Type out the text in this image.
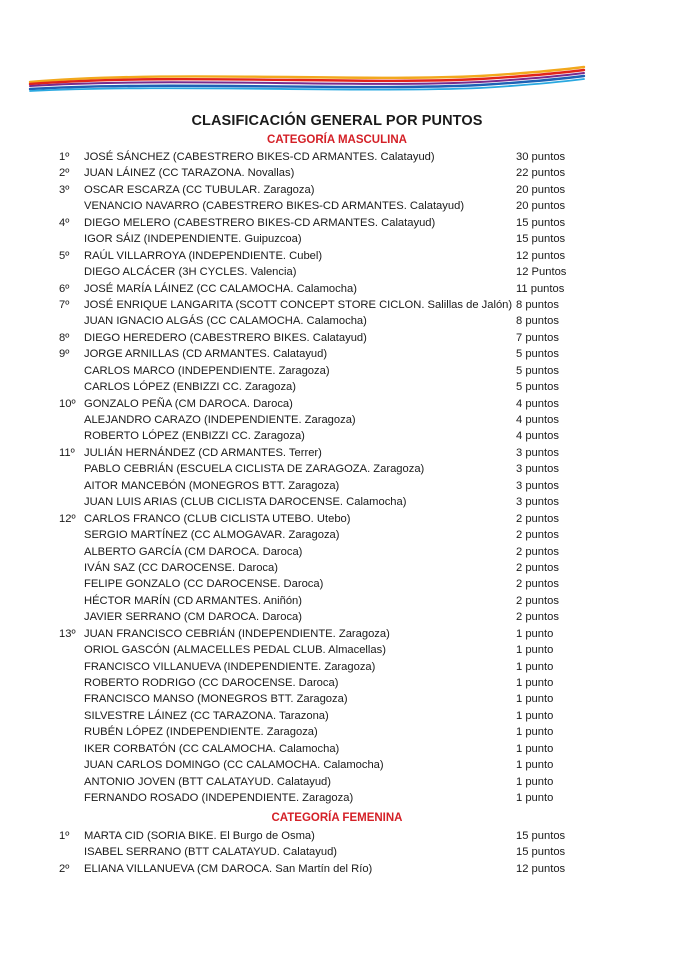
CLASIFICACIÓN GENERAL POR PUNTOS
CATEGORÍA MASCULINA
1º JOSÉ SÁNCHEZ (CABESTRERO BIKES-CD ARMANTES. Calatayud)	30 puntos
2º JUAN LÁINEZ (CC TARAZONA. Novallas)	22 puntos
3º OSCAR ESCARZA (CC TUBULAR. Zaragoza)	20 puntos
VENANCIO NAVARRO (CABESTRERO BIKES-CD ARMANTES. Calatayud)	20 puntos
4º DIEGO MELERO (CABESTRERO BIKES-CD ARMANTES. Calatayud)	15 puntos
IGOR SÁIZ (INDEPENDIENTE. Guipuzcoa)	15 puntos
5º RAÚL VILLARROYA (INDEPENDIENTE. Cubel)	12 puntos
DIEGO ALCÁCER (3H CYCLES. Valencia)	12 Puntos
6º JOSÉ MARÍA LÁINEZ (CC CALAMOCHA. Calamocha)	11 puntos
7º JOSÉ ENRIQUE LANGARITA (SCOTT CONCEPT STORE CICLON. Salillas de Jalón) 8 puntos
JUAN IGNACIO ALGÁS (CC CALAMOCHA. Calamocha)	8 puntos
8º DIEGO HEREDERO (CABESTRERO BIKES. Calatayud)	7 puntos
9º JORGE ARNILLAS (CD ARMANTES. Calatayud)	5 puntos
CARLOS MARCO (INDEPENDIENTE. Zaragoza)	5 puntos
CARLOS LÓPEZ (ENBIZZI CC. Zaragoza)	5 puntos
10º GONZALO PEÑA (CM DAROCA. Daroca)	4 puntos
ALEJANDRO CARAZO (INDEPENDIENTE. Zaragoza)	4 puntos
ROBERTO LÓPEZ (ENBIZZI CC. Zaragoza)	4 puntos
11º JULIÁN HERNÁNDEZ (CD ARMANTES. Terrer)	3 puntos
PABLO CEBRIÁN (ESCUELA CICLISTA DE ZARAGOZA. Zaragoza)	3 puntos
AITOR MANCEBÓN (MONEGROS BTT. Zaragoza)	3 puntos
JUAN LUIS ARIAS (CLUB CICLISTA DAROCENSE. Calamocha)	3 puntos
12º CARLOS FRANCO (CLUB CICLISTA UTEBO. Utebo)	2 puntos
SERGIO MARTÍNEZ (CC ALMOGAVAR. Zaragoza)	2 puntos
ALBERTO GARCÍA (CM DAROCA. Daroca)	2 puntos
IVÁN SAZ (CC DAROCENSE. Daroca)	2 puntos
FELIPE GONZALO (CC DAROCENSE. Daroca)	2 puntos
HÉCTOR MARÍN (CD ARMANTES. Aniñón)	2 puntos
JAVIER SERRANO (CM DAROCA. Daroca)	2 puntos
13º JUAN FRANCISCO CEBRIÁN (INDEPENDIENTE. Zaragoza)	1 punto
ORIOL GASCÓN (ALMACELLES PEDAL CLUB. Almacellas)	1 punto
FRANCISCO VILLANUEVA (INDEPENDIENTE. Zaragoza)	1 punto
ROBERTO RODRIGO (CC DAROCENSE. Daroca)	1 punto
FRANCISCO MANSO (MONEGROS BTT. Zaragoza)	1 punto
SILVESTRE LÁINEZ (CC TARAZONA. Tarazona)	1 punto
RUBÉN LÓPEZ (INDEPENDIENTE. Zaragoza)	1 punto
IKER CORBATÓN (CC CALAMOCHA. Calamocha)	1 punto
JUAN CARLOS DOMINGO (CC CALAMOCHA. Calamocha)	1 punto
ANTONIO JOVEN (BTT CALATAYUD. Calatayud)	1 punto
FERNANDO ROSADO (INDEPENDIENTE. Zaragoza)	1 punto
CATEGORÍA FEMENINA
1º MARTA CID (SORIA BIKE. El Burgo de Osma)	15 puntos
ISABEL SERRANO (BTT CALATAYUD. Calatayud)	15 puntos
2º ELIANA VILLANUEVA (CM DAROCA. San Martín del Río)	12 puntos
